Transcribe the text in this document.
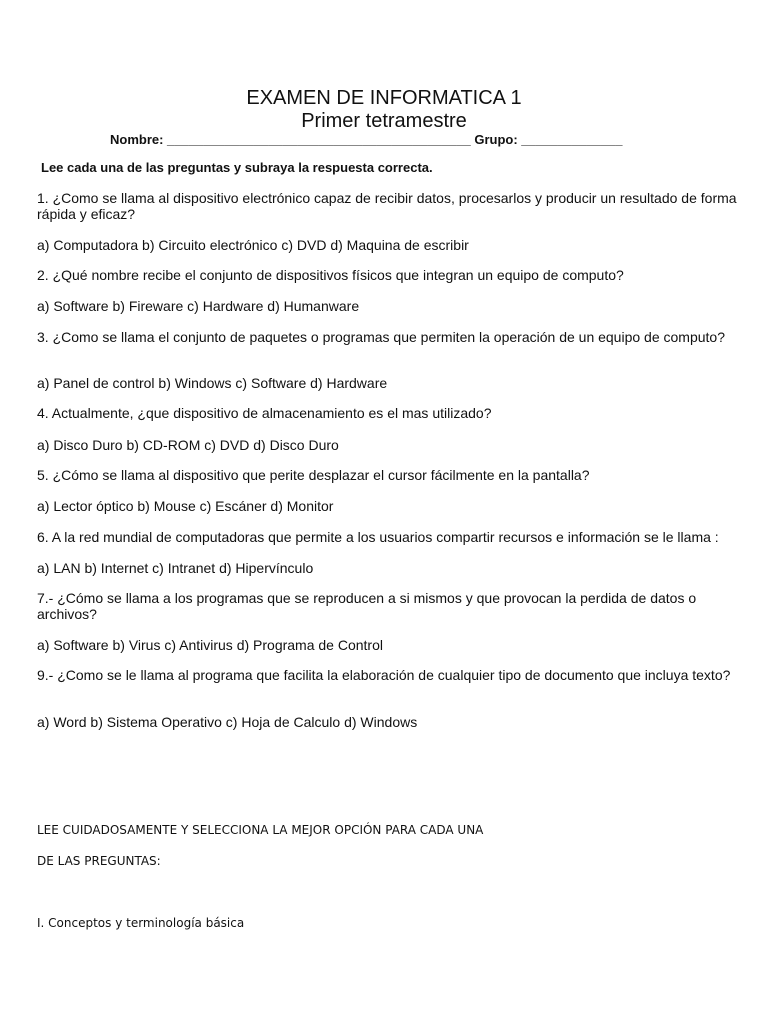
EXAMEN DE INFORMATICA 1
Primer tetramestre
Nombre: __________________________________________ Grupo: ______________
Lee cada una de las preguntas y subraya la respuesta correcta.
1. ¿Como se llama al dispositivo electrónico capaz de recibir datos, procesarlos y producir un resultado de forma rápida y eficaz?
a) Computadora b) Circuito electrónico c) DVD d) Maquina de escribir
2. ¿Qué nombre recibe el conjunto de dispositivos físicos que integran un equipo de computo?
a) Software b) Fireware c) Hardware d) Humanware
3. ¿Como se llama el conjunto de paquetes o programas que permiten la operación de un equipo de computo?
a) Panel de control b) Windows c) Software d) Hardware
4. Actualmente, ¿que dispositivo de almacenamiento es el mas utilizado?
a) Disco Duro b) CD-ROM c) DVD d) Disco Duro
5. ¿Cómo se llama al dispositivo que perite desplazar el cursor fácilmente en la pantalla?
a) Lector óptico b) Mouse c) Escáner d) Monitor
6. A la red mundial de computadoras que permite a los usuarios compartir recursos e información se le llama :
a) LAN b) Internet c) Intranet d) Hipervínculo
7.- ¿Cómo se llama a los programas que se reproducen a si mismos y que provocan la perdida de datos o archivos?
a) Software b) Virus c) Antivirus d) Programa de Control
9.- ¿Como se le llama al programa que facilita la elaboración de cualquier tipo de documento que incluya texto?
a) Word b) Sistema Operativo c) Hoja de Calculo d) Windows
LEE CUIDADOSAMENTE Y SELECCIONA LA MEJOR OPCIÓN PARA CADA UNA
DE LAS PREGUNTAS:
I. Conceptos y terminología básica
